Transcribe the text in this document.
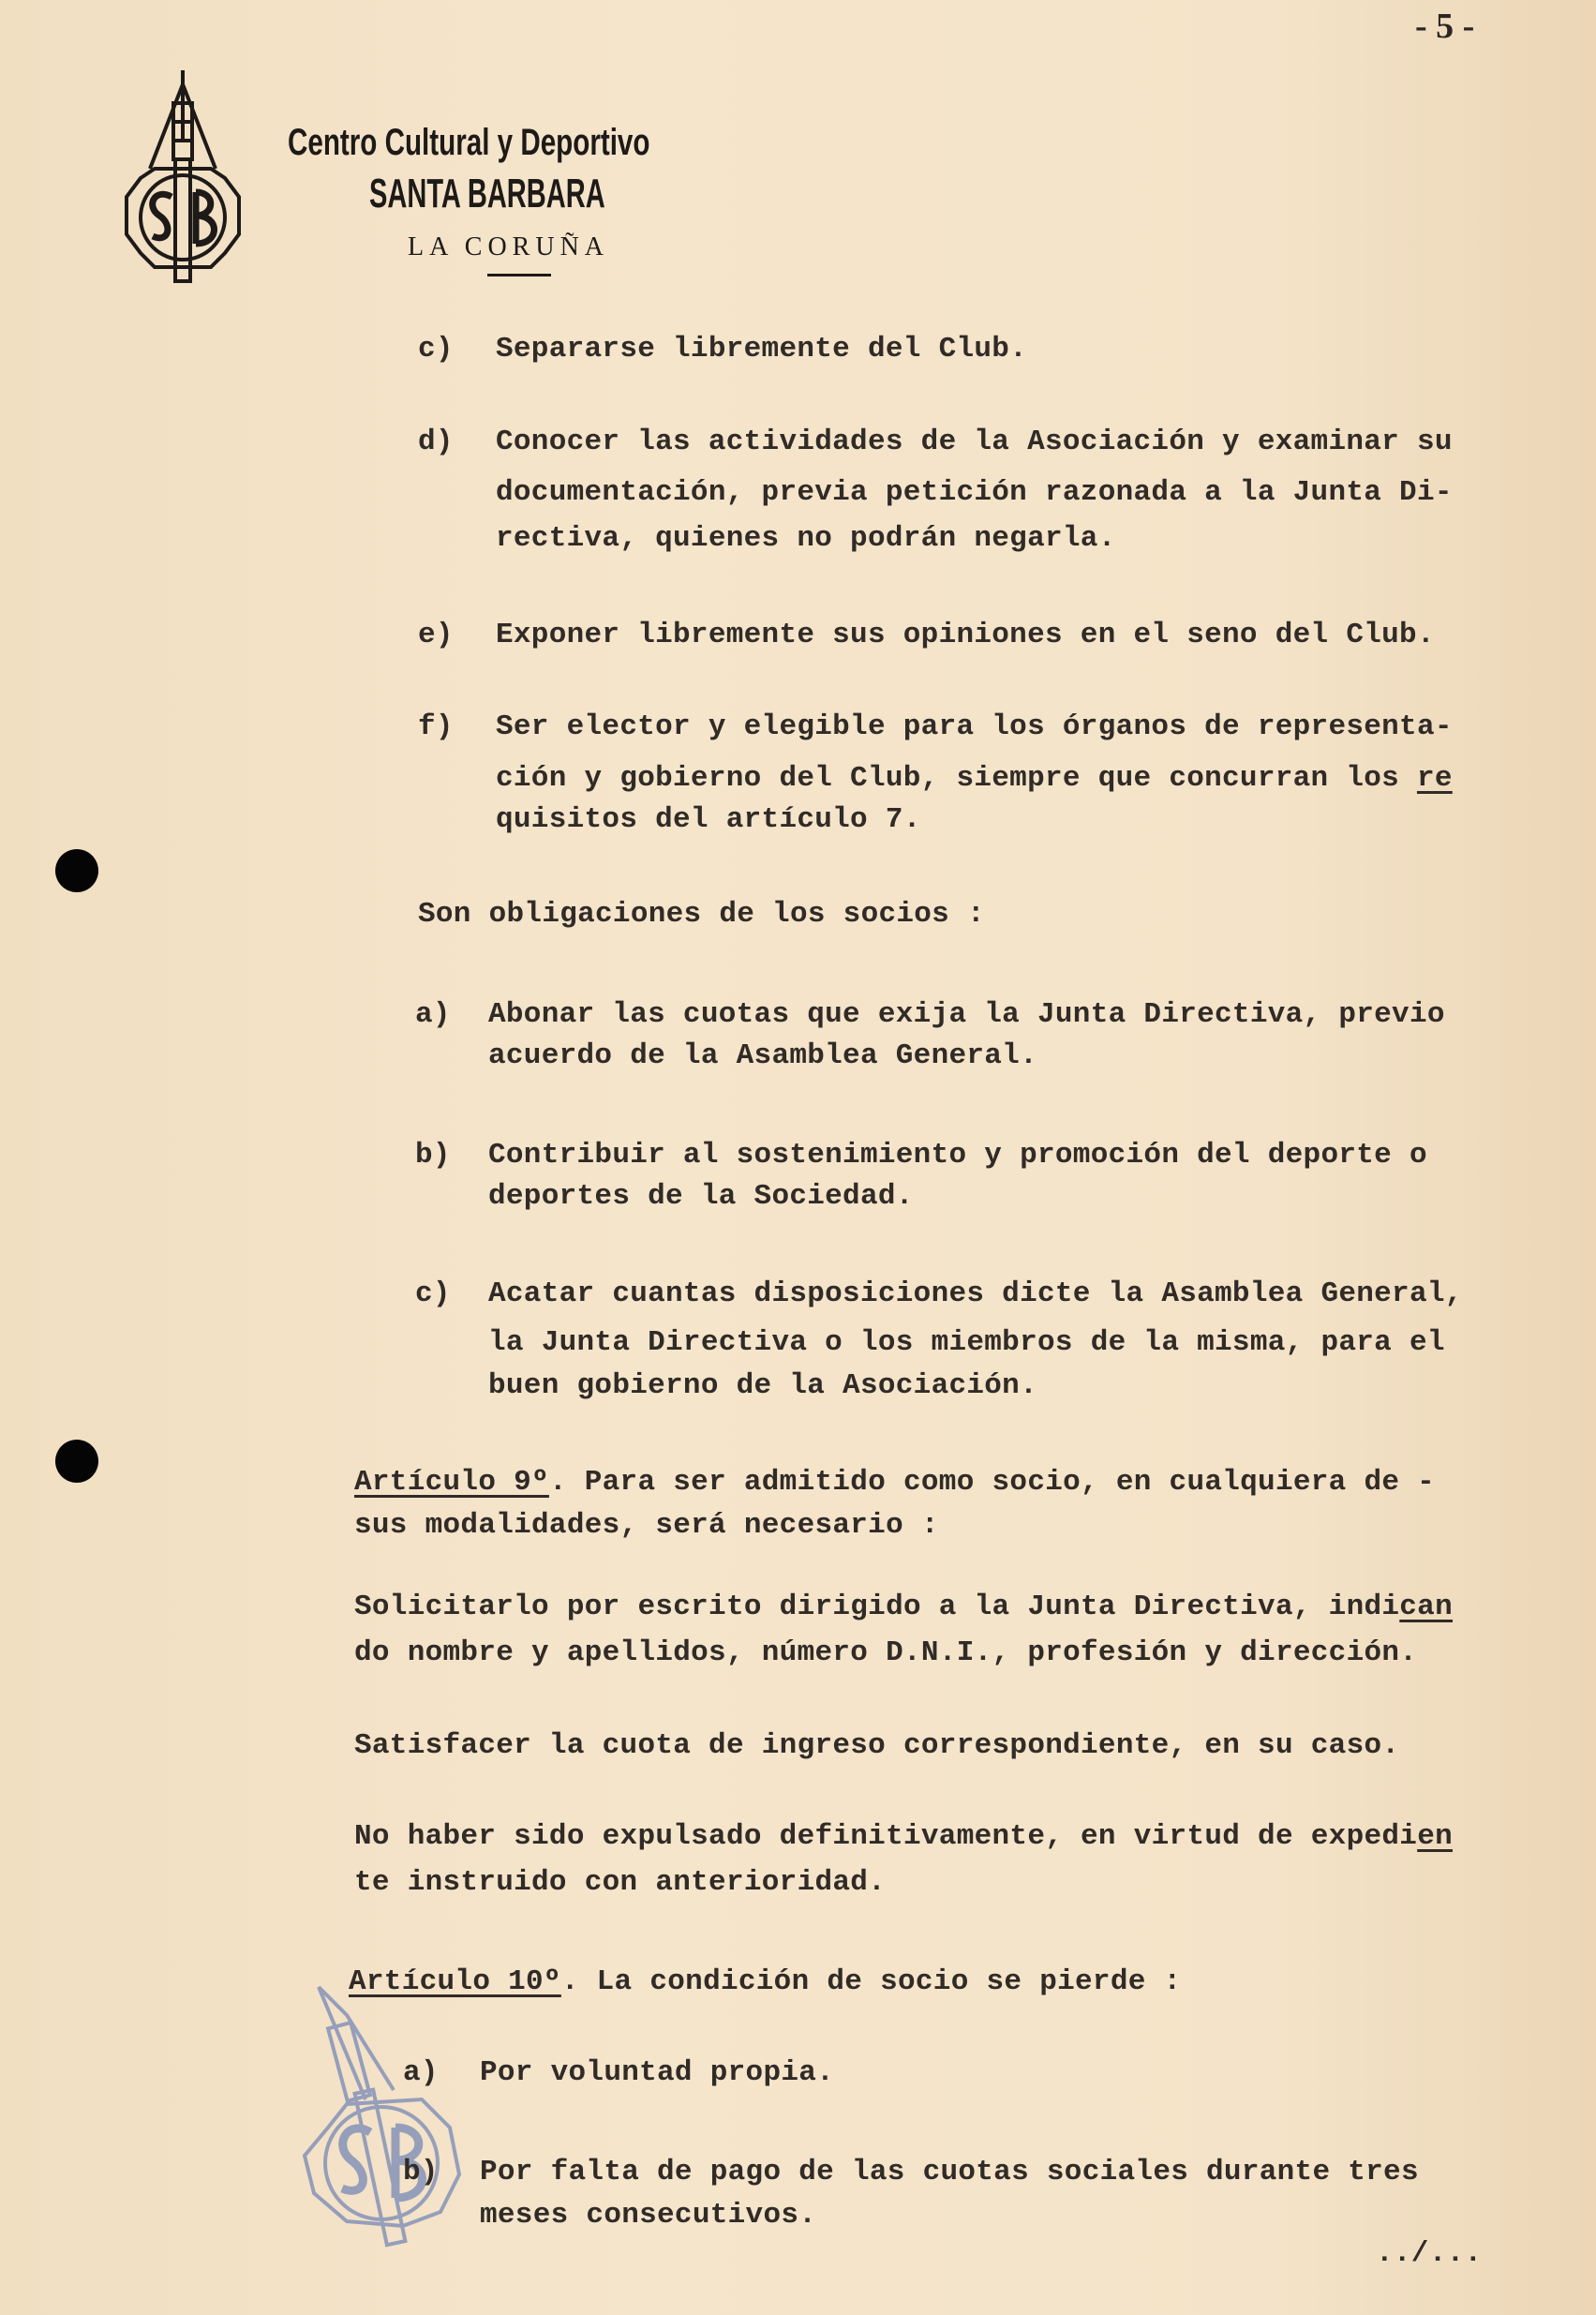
- 5 -
Centro Cultural y Deportivo
SANTA BARBARA
LA CORUÑA
c) Separarse libremente del Club.
d) Conocer las actividades de la Asociación y examinar su
documentación, previa petición razonada a la Junta Di-
rectiva, quienes no podrán negarla.
e) Exponer libremente sus opiniones en el seno del Club.
f) Ser elector y elegible para los órganos de representa-
ción y gobierno del Club, siempre que concurran los re
quisitos del artículo 7.
Son obligaciones de los socios :
a) Abonar las cuotas que exija la Junta Directiva, previo
acuerdo de la Asamblea General.
b) Contribuir al sostenimiento y promoción del deporte o
deportes de la Sociedad.
c) Acatar cuantas disposiciones dicte la Asamblea General,
la Junta Directiva o los miembros de la misma, para el
buen gobierno de la Asociación.
Artículo 9º. Para ser admitido como socio, en cualquiera de -
sus modalidades, será necesario :
Solicitarlo por escrito dirigido a la Junta Directiva, indican
do nombre y apellidos, número D.N.I., profesión y dirección.
Satisfacer la cuota de ingreso correspondiente, en su caso.
No haber sido expulsado definitivamente, en virtud de expedien
te instruido con anterioridad.
Artículo 10º. La condición de socio se pierde :
a) Por voluntad propia.
b) Por falta de pago de las cuotas sociales durante tres
meses consecutivos.
../...
